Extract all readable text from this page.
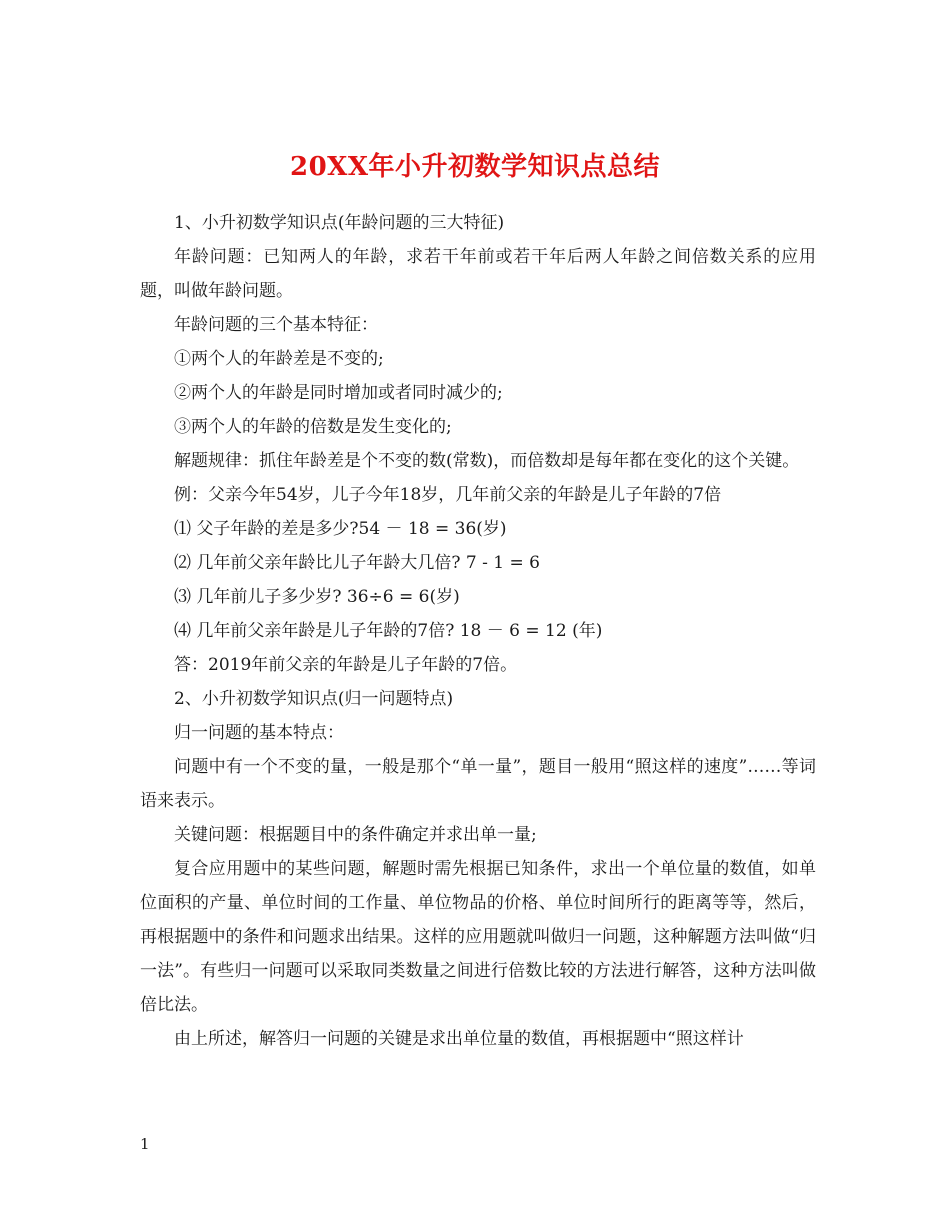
20XX年小升初数学知识点总结

1、小升初数学知识点(年龄问题的三大特征)

年龄问题：已知两人的年龄，求若干年前或若干年后两人年龄之间倍数关系的应用题，叫做年龄问题。

年龄问题的三个基本特征：

①两个人的年龄差是不变的;

②两个人的年龄是同时增加或者同时减少的;

③两个人的年龄的倍数是发生变化的;

解题规律：抓住年龄差是个不变的数(常数)，而倍数却是每年都在变化的这个关键。

例：父亲今年54岁，儿子今年18岁，几年前父亲的年龄是儿子年龄的7倍

⑴ 父子年龄的差是多少?54 － 18 = 36(岁)

⑵ 几年前父亲年龄比儿子年龄大几倍? 7 - 1 = 6

⑶ 几年前儿子多少岁? 36÷6 = 6(岁)

⑷ 几年前父亲年龄是儿子年龄的7倍? 18 － 6 = 12 (年)

答：2019年前父亲的年龄是儿子年龄的7倍。

2、小升初数学知识点(归一问题特点)

归一问题的基本特点：

问题中有一个不变的量，一般是那个“单一量”，题目一般用“照这样的速度”……等词语来表示。

关键问题：根据题目中的条件确定并求出单一量;

复合应用题中的某些问题，解题时需先根据已知条件，求出一个单位量的数值，如单位面积的产量、单位时间的工作量、单位物品的价格、单位时间所行的距离等等，然后，再根据题中的条件和问题求出结果。这样的应用题就叫做归一问题，这种解题方法叫做“归一法”。有些归一问题可以采取同类数量之间进行倍数比较的方法进行解答，这种方法叫做倍比法。

由上所述，解答归一问题的关键是求出单位量的数值，再根据题中“照这样计

1
